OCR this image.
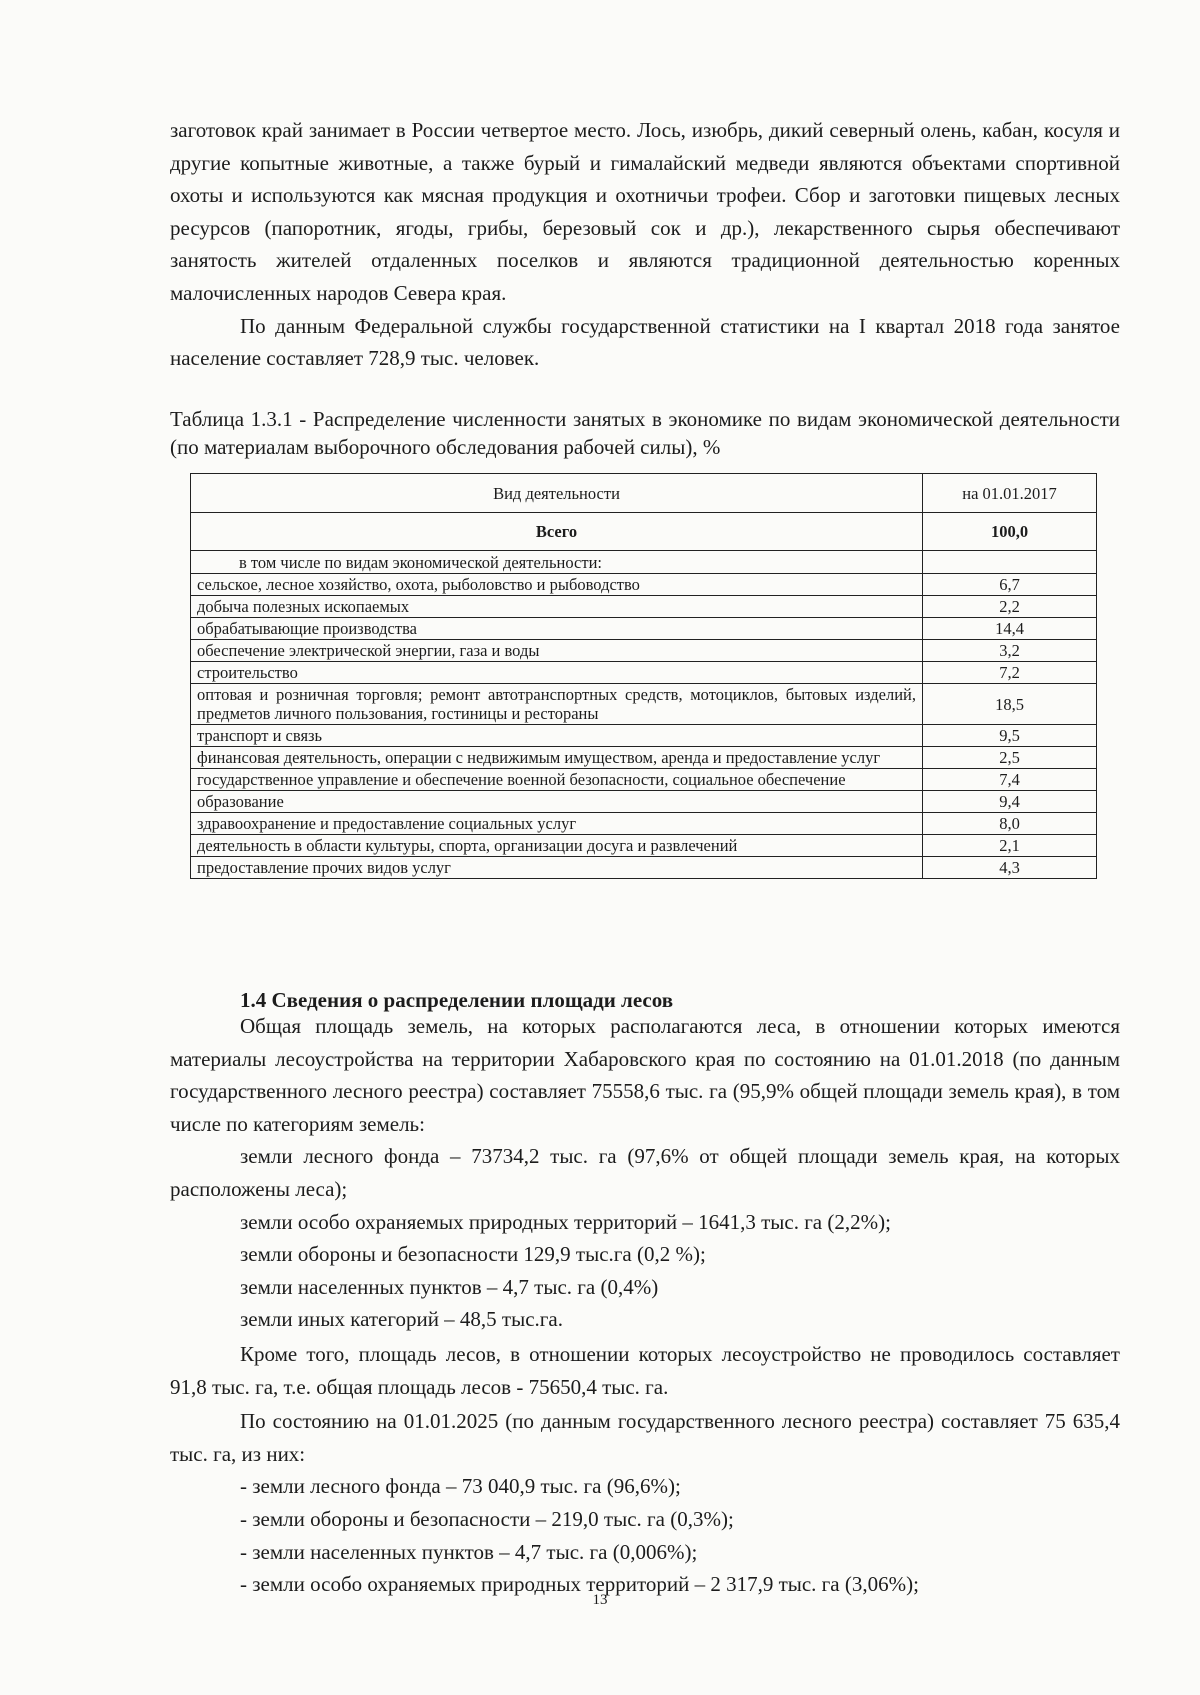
заготовок край занимает в России четвертое место. Лось, изюбрь, дикий северный олень, кабан, косуля и другие копытные животные, а также бурый и гималайский медведи являются объектами спортивной охоты и используются как мясная продукция и охотничьи трофеи. Сбор и заготовки пищевых лесных ресурсов (папоротник, ягоды, грибы, березовый сок и др.), лекарственного сырья обеспечивают занятость жителей отдаленных поселков и являются традиционной деятельностью коренных малочисленных народов Севера края.

По данным Федеральной службы государственной статистики на I квартал 2018 года занятое население составляет 728,9 тыс. человек.

Таблица 1.3.1 - Распределение численности занятых в экономике по видам экономической деятельности (по материалам выборочного обследования рабочей силы), %
Вид деятельности	на 01.01.2017
Всего	100,0
в том числе по видам экономической деятельности:	
сельское, лесное хозяйство, охота, рыболовство и рыбоводство	6,7
добыча полезных ископаемых	2,2
обрабатывающие производства	14,4
обеспечение электрической энергии, газа и воды	3,2
строительство	7,2
оптовая и розничная торговля; ремонт автотранспортных средств, мотоциклов, бытовых изделий, предметов личного пользования, гостиницы и рестораны	18,5
транспорт и связь	9,5
финансовая деятельность, операции с недвижимым имуществом, аренда и предоставление услуг	2,5
государственное управление и обеспечение военной безопасности, социальное обеспечение	7,4
образование	9,4
здравоохранение и предоставление социальных услуг	8,0
деятельность в области культуры, спорта, организации досуга и развлечений	2,1
предоставление прочих видов услуг	4,3
1.4 Сведения о распределении площади лесов

Общая площадь земель, на которых располагаются леса, в отношении которых имеются материалы лесоустройства на территории Хабаровского края по состоянию на 01.01.2018 (по данным государственного лесного реестра) составляет 75558,6 тыс. га (95,9% общей площади земель края), в том числе по категориям земель:

земли лесного фонда – 73734,2 тыс. га (97,6% от общей площади земель края, на которых расположены леса);

земли особо охраняемых природных территорий – 1641,3 тыс. га (2,2%);

земли обороны и безопасности 129,9 тыс.га (0,2 %);

земли населенных пунктов – 4,7 тыс. га (0,4%)

земли иных категорий – 48,5 тыс.га.

Кроме того, площадь лесов, в отношении которых лесоустройство не проводилось составляет 91,8 тыс. га, т.е. общая площадь лесов - 75650,4 тыс. га.

По состоянию на 01.01.2025 (по данным государственного лесного реестра) составляет 75 635,4 тыс. га, из них:

- земли лесного фонда – 73 040,9 тыс. га (96,6%);

- земли обороны и безопасности – 219,0 тыс. га (0,3%);

- земли населенных пунктов – 4,7 тыс. га (0,006%);

- земли особо охраняемых природных территорий – 2 317,9 тыс. га (3,06%);

13
